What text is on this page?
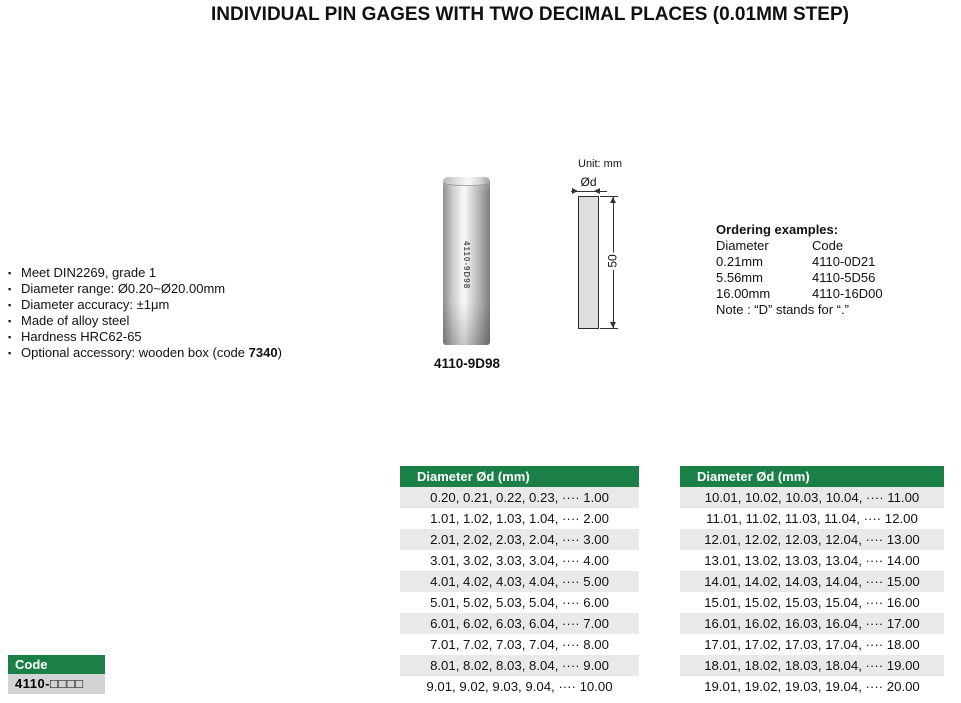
INDIVIDUAL PIN GAGES WITH TWO DECIMAL PLACES (0.01MM STEP)
▪ Meet DIN2269, grade 1
▪ Diameter range: Ø0.20~Ø20.00mm
▪ Diameter accuracy: ±1μm
▪ Made of alloy steel
▪ Hardness HRC62-65
▪ Optional accessory: wooden box (code 7340)
4110-9D98
4110-9D98
Unit: mm
Ød
50
Ordering examples:
Diameter	Code
0.21mm	4110-0D21
5.56mm	4110-5D56
16.00mm	4110-16D00
Note : “D” stands for “.”
Diameter Ød (mm)
0.20, 0.21, 0.22, 0.23, ···· 1.00
1.01, 1.02, 1.03, 1.04, ···· 2.00
2.01, 2.02, 2.03, 2.04, ···· 3.00
3.01, 3.02, 3.03, 3.04, ···· 4.00
4.01, 4.02, 4.03, 4.04, ···· 5.00
5.01, 5.02, 5.03, 5.04, ···· 6.00
6.01, 6.02, 6.03, 6.04, ···· 7.00
7.01, 7.02, 7.03, 7.04, ···· 8.00
8.01, 8.02, 8.03, 8.04, ···· 9.00
9.01, 9.02, 9.03, 9.04, ···· 10.00
Diameter Ød (mm)
10.01, 10.02, 10.03, 10.04, ···· 11.00
11.01, 11.02, 11.03, 11.04, ···· 12.00
12.01, 12.02, 12.03, 12.04, ···· 13.00
13.01, 13.02, 13.03, 13.04, ···· 14.00
14.01, 14.02, 14.03, 14.04, ···· 15.00
15.01, 15.02, 15.03, 15.04, ···· 16.00
16.01, 16.02, 16.03, 16.04, ···· 17.00
17.01, 17.02, 17.03, 17.04, ···· 18.00
18.01, 18.02, 18.03, 18.04, ···· 19.00
19.01, 19.02, 19.03, 19.04, ···· 20.00
Code
4110-□□□□
